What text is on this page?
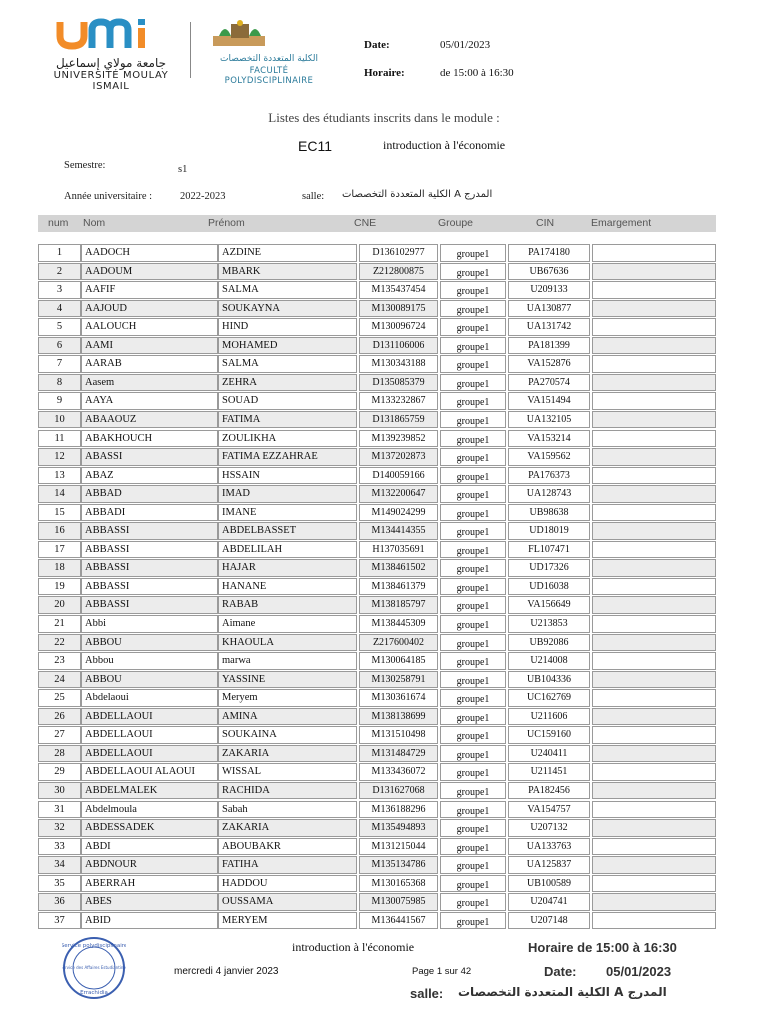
جامعة مولاي إسماعيل
UNIVERSITÉ MOULAY ISMAIL
الكلية المتعددة التخصصات
FACULTÉ POLYDISCIPLINAIRE
Date:	05/01/2023
Horaire:	de 15:00 à 16:30
Listes des étudiants inscrits dans le module :
EC11	introduction à l'économie
Semestre:	s1
Année universitaire :	2022-2023	salle: المدرج A الكلية المتعددة التخصصات
num Nom	Prénom	CNE	Groupe	CIN	Emargement
1	AADOCH	AZDINE	D136102977	groupe1	PA174180
2	AADOUM	MBARK	Z212800875	groupe1	UB67636
3	AAFIF	SALMA	M135437454	groupe1	U209133
4	AAJOUD	SOUKAYNA	M130089175	groupe1	UA130877
5	AALOUCH	HIND	M130096724	groupe1	UA131742
6	AAMI	MOHAMED	D131106006	groupe1	PA181399
7	AARAB	SALMA	M130343188	groupe1	VA152876
8	Aasem	ZEHRA	D135085379	groupe1	PA270574
9	AAYA	SOUAD	M133232867	groupe1	VA151494
10	ABAAOUZ	FATIMA	D131865759	groupe1	UA132105
11	ABAKHOUCH	ZOULIKHA	M139239852	groupe1	VA153214
12	ABASSI	FATIMA EZZAHRAE	M137202873	groupe1	VA159562
13	ABAZ	HSSAIN	D140059166	groupe1	PA176373
14	ABBAD	IMAD	M132200647	groupe1	UA128743
15	ABBADI	IMANE	M149024299	groupe1	UB98638
16	ABBASSI	ABDELBASSET	M134414355	groupe1	UD18019
17	ABBASSI	ABDELILAH	H137035691	groupe1	FL107471
18	ABBASSI	HAJAR	M138461502	groupe1	UD17326
19	ABBASSI	HANANE	M138461379	groupe1	UD16038
20	ABBASSI	RABAB	M138185797	groupe1	VA156649
21	Abbi	Aimane	M138445309	groupe1	U213853
22	ABBOU	KHAOULA	Z217600402	groupe1	UB92086
23	Abbou	marwa	M130064185	groupe1	U214008
24	ABBOU	YASSINE	M130258791	groupe1	UB104336
25	Abdelaoui	Meryem	M130361674	groupe1	UC162769
26	ABDELLAOUI	AMINA	M138138699	groupe1	U211606
27	ABDELLAOUI	SOUKAINA	M131510498	groupe1	UC159160
28	ABDELLAOUI	ZAKARIA	M131484729	groupe1	U240411
29	ABDELLAOUI ALAOUI	WISSAL	M133436072	groupe1	U211451
30	ABDELMALEK	RACHIDA	D131627068	groupe1	PA182456
31	Abdelmoula	Sabah	M136188296	groupe1	VA154757
32	ABDESSADEK	ZAKARIA	M135494893	groupe1	U207132
33	ABDI	ABOUBAKR	M131215044	groupe1	UA133763
34	ABDNOUR	FATIHA	M135134786	groupe1	UA125837
35	ABERRAH	HADDOU	M130165368	groupe1	UB100589
36	ABES	OUSSAMA	M130075985	groupe1	U204741
37	ABID	MERYEM	M136441567	groupe1	U207148
Service polydisciplinaire
Service des Affaires Estudiantines
Errachidia
introduction à l'économie	Horaire de 15:00 à 16:30
mercredi 4 janvier 2023	Page 1 sur 42	Date: 05/01/2023
salle: المدرج A الكلية المتعددة التخصصات
